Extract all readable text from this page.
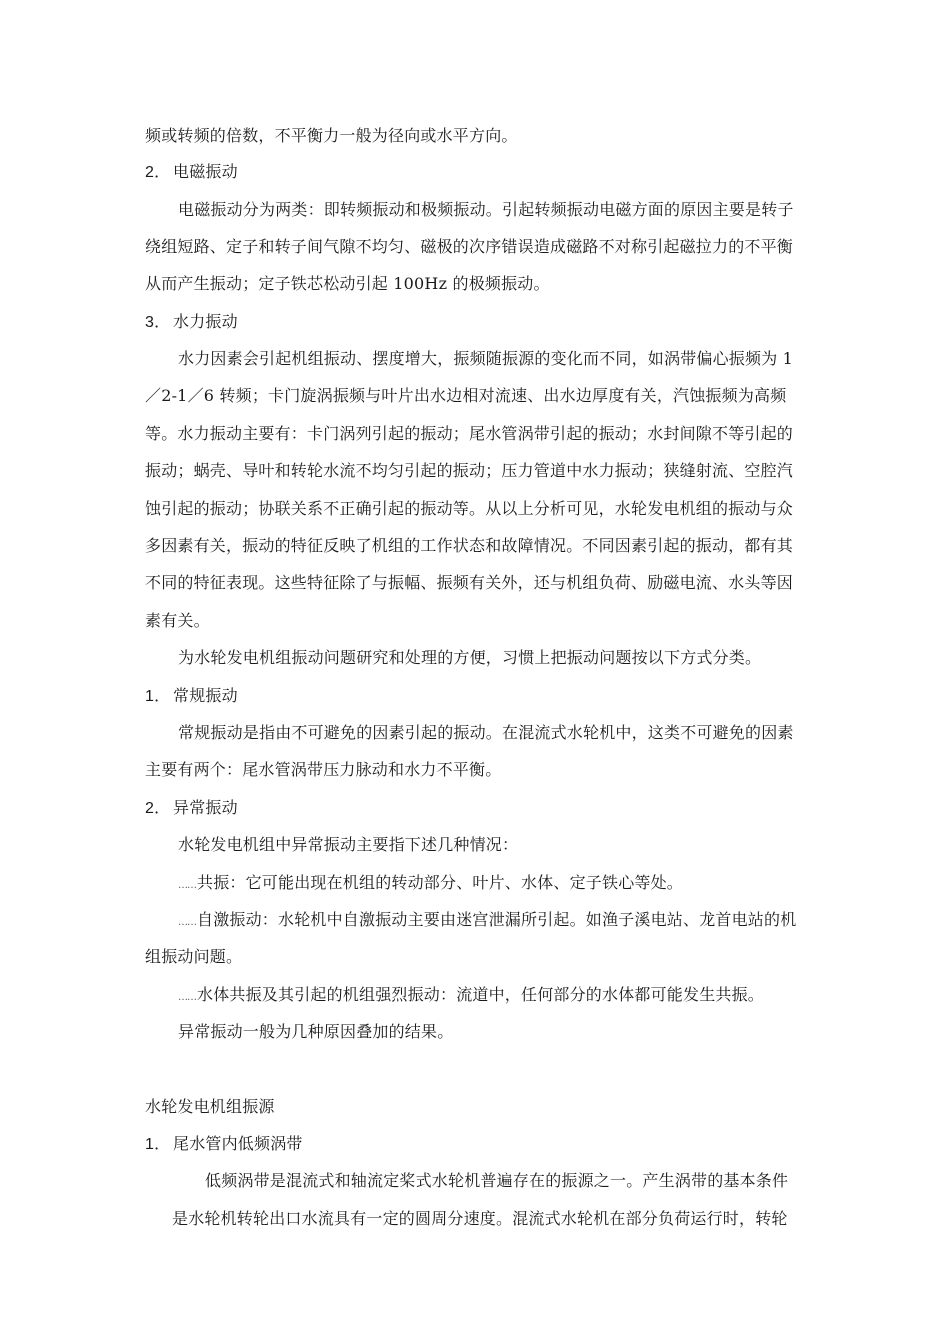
频或转频的倍数，不平衡力一般为径向或水平方向。
2． 电磁振动
电磁振动分为两类：即转频振动和极频振动。引起转频振动电磁方面的原因主要是转子
绕组短路、定子和转子间气隙不均匀、磁极的次序错误造成磁路不对称引起磁拉力的不平衡
从而产生振动；定子铁芯松动引起 100Hz 的极频振动。
3． 水力振动
水力因素会引起机组振动、摆度增大，振频随振源的变化而不同，如涡带偏心振频为 1
／2-1／6 转频；卡门旋涡振频与叶片出水边相对流速、出水边厚度有关，汽蚀振频为高频
等。水力振动主要有：卡门涡列引起的振动；尾水管涡带引起的振动；水封间隙不等引起的
振动；蜗壳、导叶和转轮水流不均匀引起的振动；压力管道中水力振动；狭缝射流、空腔汽
蚀引起的振动；协联关系不正确引起的振动等。从以上分析可见，水轮发电机组的振动与众
多因素有关，振动的特征反映了机组的工作状态和故障情况。不同因素引起的振动，都有其
不同的特征表现。这些特征除了与振幅、振频有关外，还与机组负荷、励磁电流、水头等因
素有关。
为水轮发电机组振动问题研究和处理的方便，习惯上把振动问题按以下方式分类。
1． 常规振动
常规振动是指由不可避免的因素引起的振动。在混流式水轮机中，这类不可避免的因素
主要有两个：尾水管涡带压力脉动和水力不平衡。
2． 异常振动
水轮发电机组中异常振动主要指下述几种情况：
……共振：它可能出现在机组的转动部分、叶片、水体、定子铁心等处。
……自激振动：水轮机中自激振动主要由迷宫泄漏所引起。如渔子溪电站、龙首电站的机
组振动问题。
……水体共振及其引起的机组强烈振动：流道中，任何部分的水体都可能发生共振。
异常振动一般为几种原因叠加的结果。
水轮发电机组振源
1． 尾水管内低频涡带
低频涡带是混流式和轴流定桨式水轮机普遍存在的振源之一。产生涡带的基本条件
是水轮机转轮出口水流具有一定的圆周分速度。混流式水轮机在部分负荷运行时，转轮
